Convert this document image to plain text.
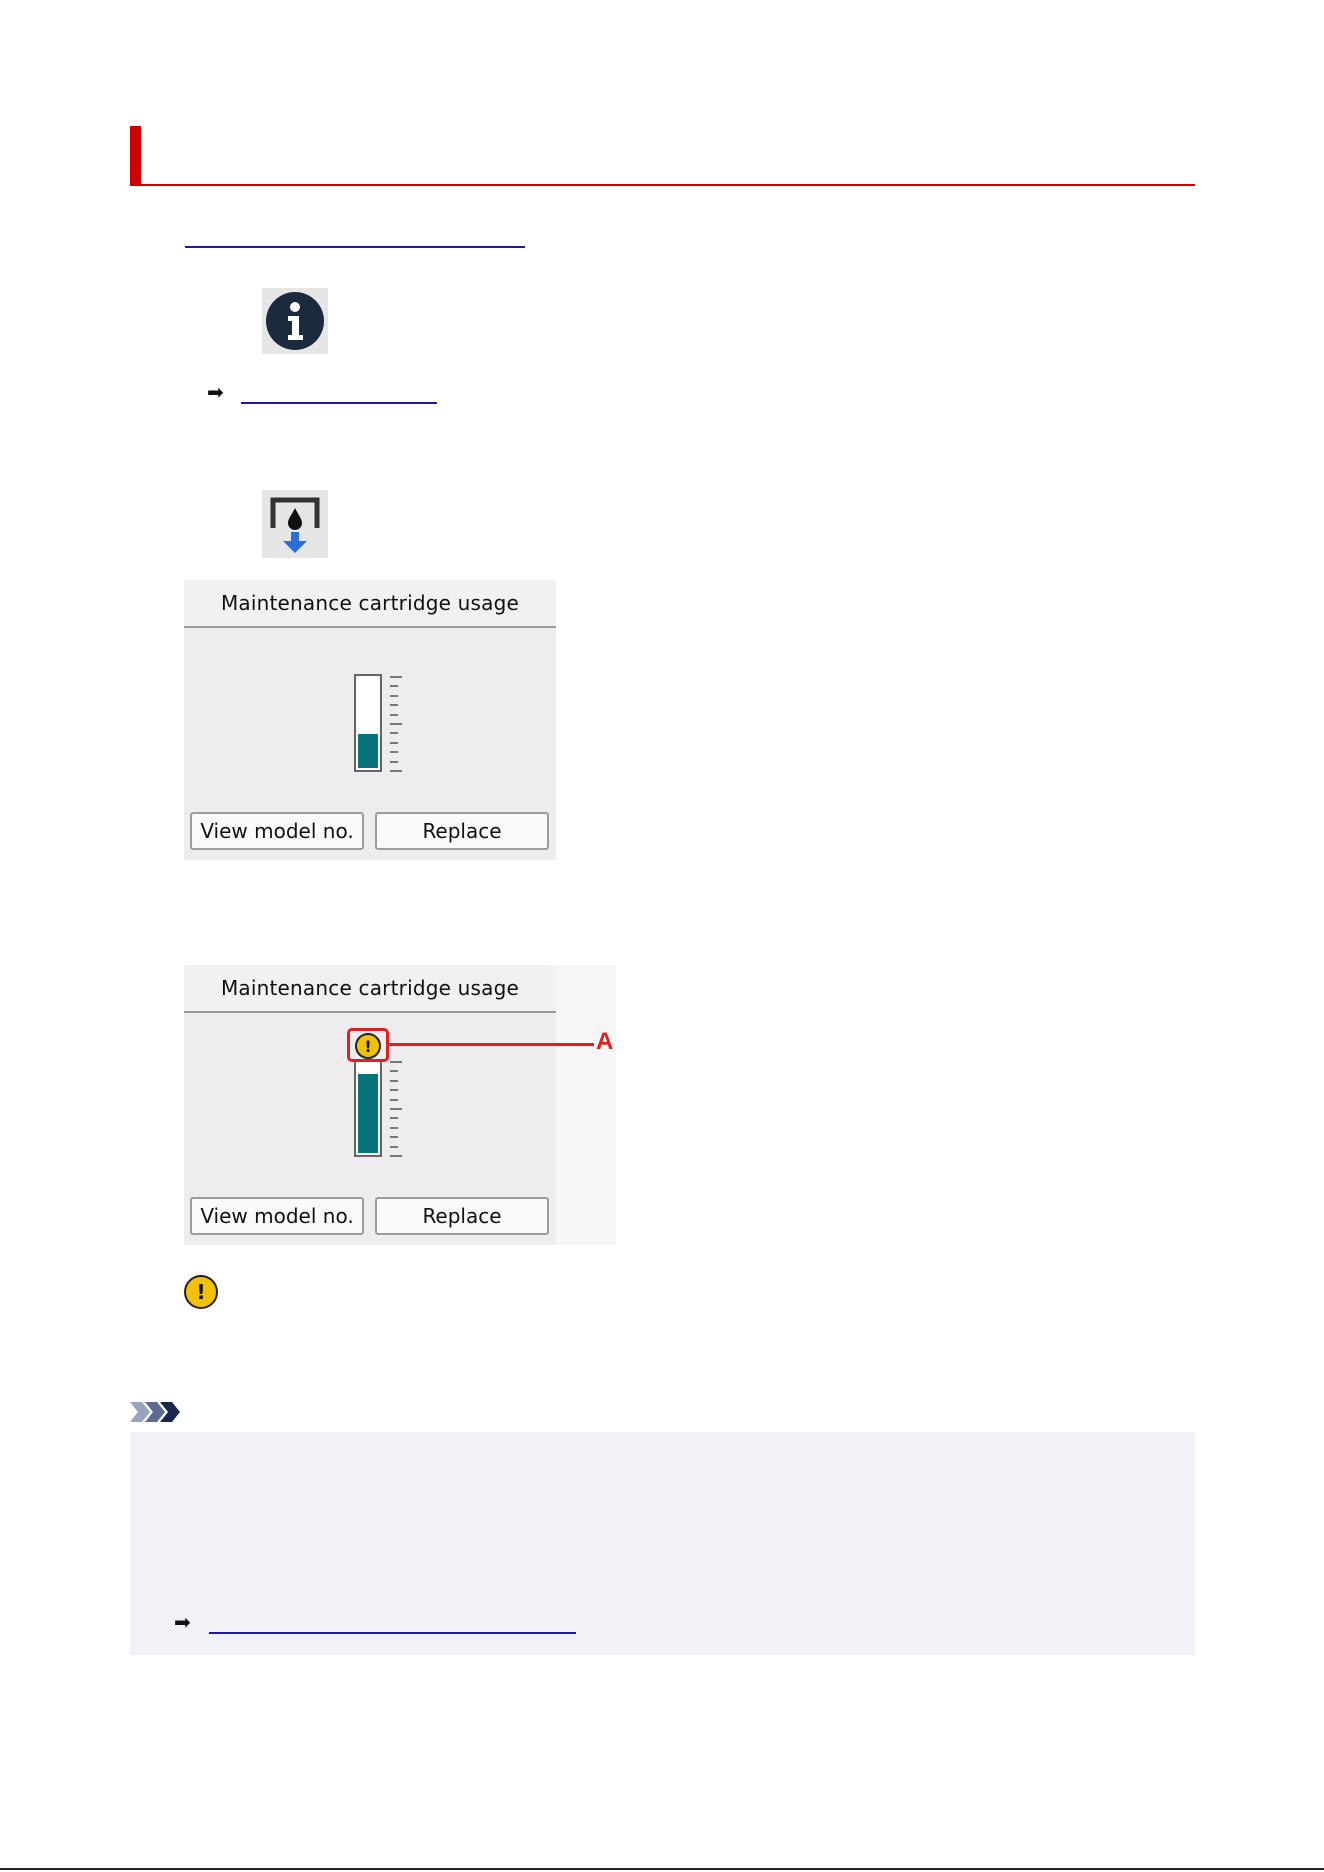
➡
Maintenance cartridge usage
View model no.	Replace
Maintenance cartridge usage
!
View model no.	Replace
A
!
➡
